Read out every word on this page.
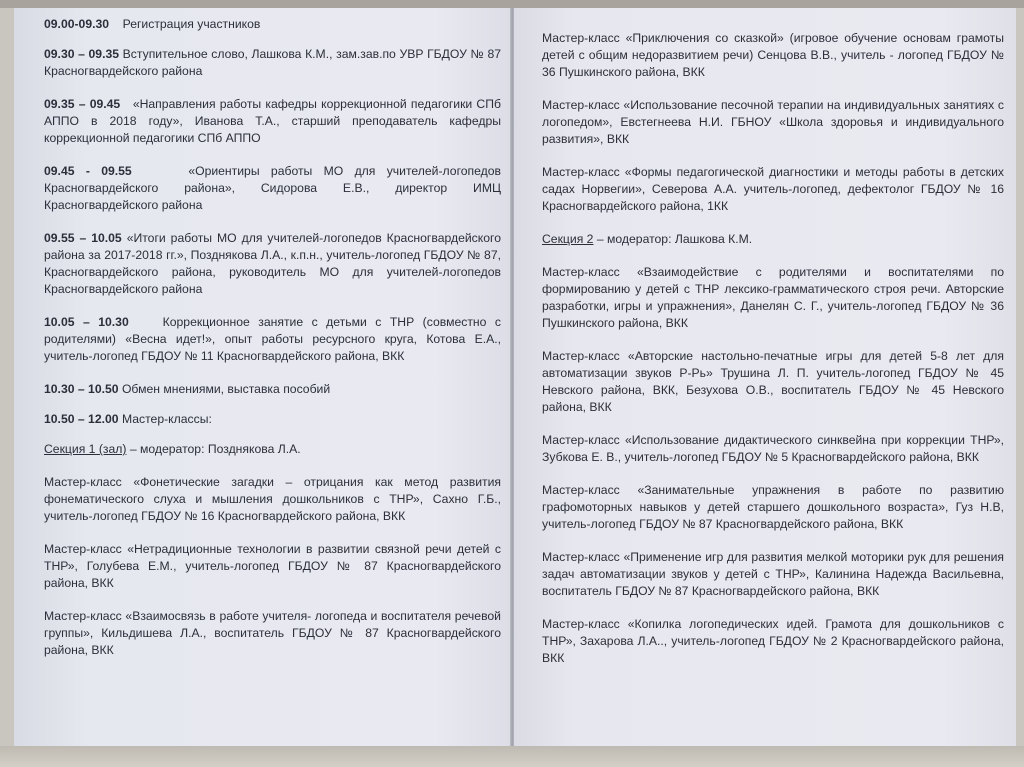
09.00-09.30 Регистрация участников

09.30 – 09.35 Вступительное слово, Лашкова К.М., зам.зав.по УВР ГБДОУ № 87 Красногвардейского района

09.35 – 09.45 «Направления работы кафедры коррекционной педагогики СПб АППО в 2018 году», Иванова Т.А., старший преподаватель кафедры коррекционной педагогики СПб АППО

09.45 - 09.55	«Ориентиры работы МО для учителей-логопедов Красногвардейского района», Сидорова Е.В., директор ИМЦ Красногвардейского района

09.55 – 10.05 «Итоги работы МО для учителей-логопедов Красногвардейского района за 2017-2018 гг.», Позднякова Л.А., к.п.н., учитель-логопед ГБДОУ № 87, Красногвардейского района, руководитель МО для учителей-логопедов Красногвардейского района

10.05 – 10.30	Коррекционное занятие с детьми с ТНР (совместно с родителями) «Весна идет!», опыт работы ресурсного круга, Котова Е.А., учитель-логопед ГБДОУ № 11 Красногвардейского района, ВКК

10.30 – 10.50 Обмен мнениями, выставка пособий

10.50 – 12.00 Мастер-классы:

Секция 1 (зал) – модератор: Позднякова Л.А.

Мастер-класс «Фонетические загадки – отрицания как метод развития фонематического слуха и мышления дошкольников с ТНР», Сахно Г.Б., учитель-логопед ГБДОУ № 16 Красногвардейского района, ВКК

Мастер-класс «Нетрадиционные технологии в развитии связной речи детей с ТНР», Голубева Е.М., учитель-логопед ГБДОУ № 87 Красногвардейского района, ВКК

Мастер-класс «Взаимосвязь в работе учителя- логопеда и воспитателя речевой группы», Кильдишева Л.А., воспитатель ГБДОУ № 87 Красногвардейского района, ВКК

Мастер-класс «Приключения со сказкой» (игровое обучение основам грамоты детей с общим недоразвитием речи) Сенцова В.В., учитель - логопед ГБДОУ № 36 Пушкинского района, ВКК

Мастер-класс «Использование песочной терапии на индивидуальных занятиях с логопедом», Евстегнеева Н.И. ГБНОУ «Школа здоровья и индивидуального развития», ВКК

Мастер-класс «Формы педагогической диагностики и методы работы в детских садах Норвегии», Северова А.А. учитель-логопед, дефектолог ГБДОУ № 16 Красногвардейского района, 1КК

Секция 2 – модератор: Лашкова К.М.

Мастер-класс «Взаимодействие с родителями и воспитателями по формированию у детей с ТНР лексико-грамматического строя речи. Авторские разработки, игры и упражнения», Данелян С. Г., учитель-логопед ГБДОУ № 36 Пушкинского района, ВКК

Мастер-класс «Авторские настольно-печатные игры для детей 5-8 лет для автоматизации звуков Р-Рь» Трушина Л. П. учитель-логопед ГБДОУ № 45 Невского района, ВКК, Безухова О.В., воспитатель ГБДОУ № 45 Невского района, ВКК

Мастер-класс «Использование дидактического синквейна при коррекции ТНР», Зубкова Е. В., учитель-логопед ГБДОУ № 5 Красногвардейского района, ВКК

Мастер-класс «Занимательные упражнения в работе по развитию графомоторных навыков у детей старшего дошкольного возраста», Гуз Н.В, учитель-логопед ГБДОУ № 87 Красногвардейского района, ВКК

Мастер-класс «Применение игр для развития мелкой моторики рук для решения задач автоматизации звуков у детей с ТНР», Калинина Надежда Васильевна, воспитатель ГБДОУ № 87 Красногвардейского района, ВКК

Мастер-класс «Копилка логопедических идей. Грамота для дошкольников с ТНР», Захарова Л.А.., учитель-логопед ГБДОУ № 2 Красногвардейского района, ВКК
